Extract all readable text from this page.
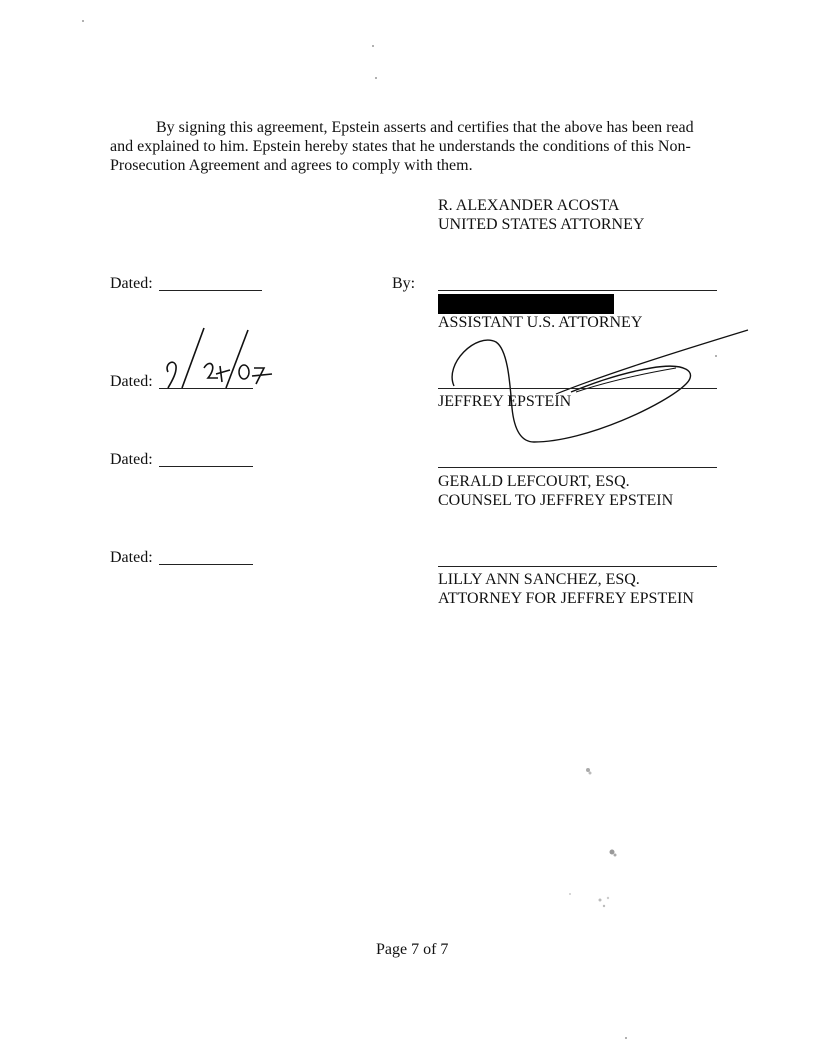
By signing this agreement, Epstein asserts and certifies that the above has been read
and explained to him. Epstein hereby states that he understands the conditions of this Non-
Prosecution Agreement and agrees to comply with them.
R. ALEXANDER ACOSTA
UNITED STATES ATTORNEY
Dated:	By:
ASSISTANT U.S. ATTORNEY
Dated:
JEFFREY EPSTEIN
Dated:
GERALD LEFCOURT, ESQ.
COUNSEL TO JEFFREY EPSTEIN
Dated:
LILLY ANN SANCHEZ, ESQ.
ATTORNEY FOR JEFFREY EPSTEIN
Page 7 of 7
